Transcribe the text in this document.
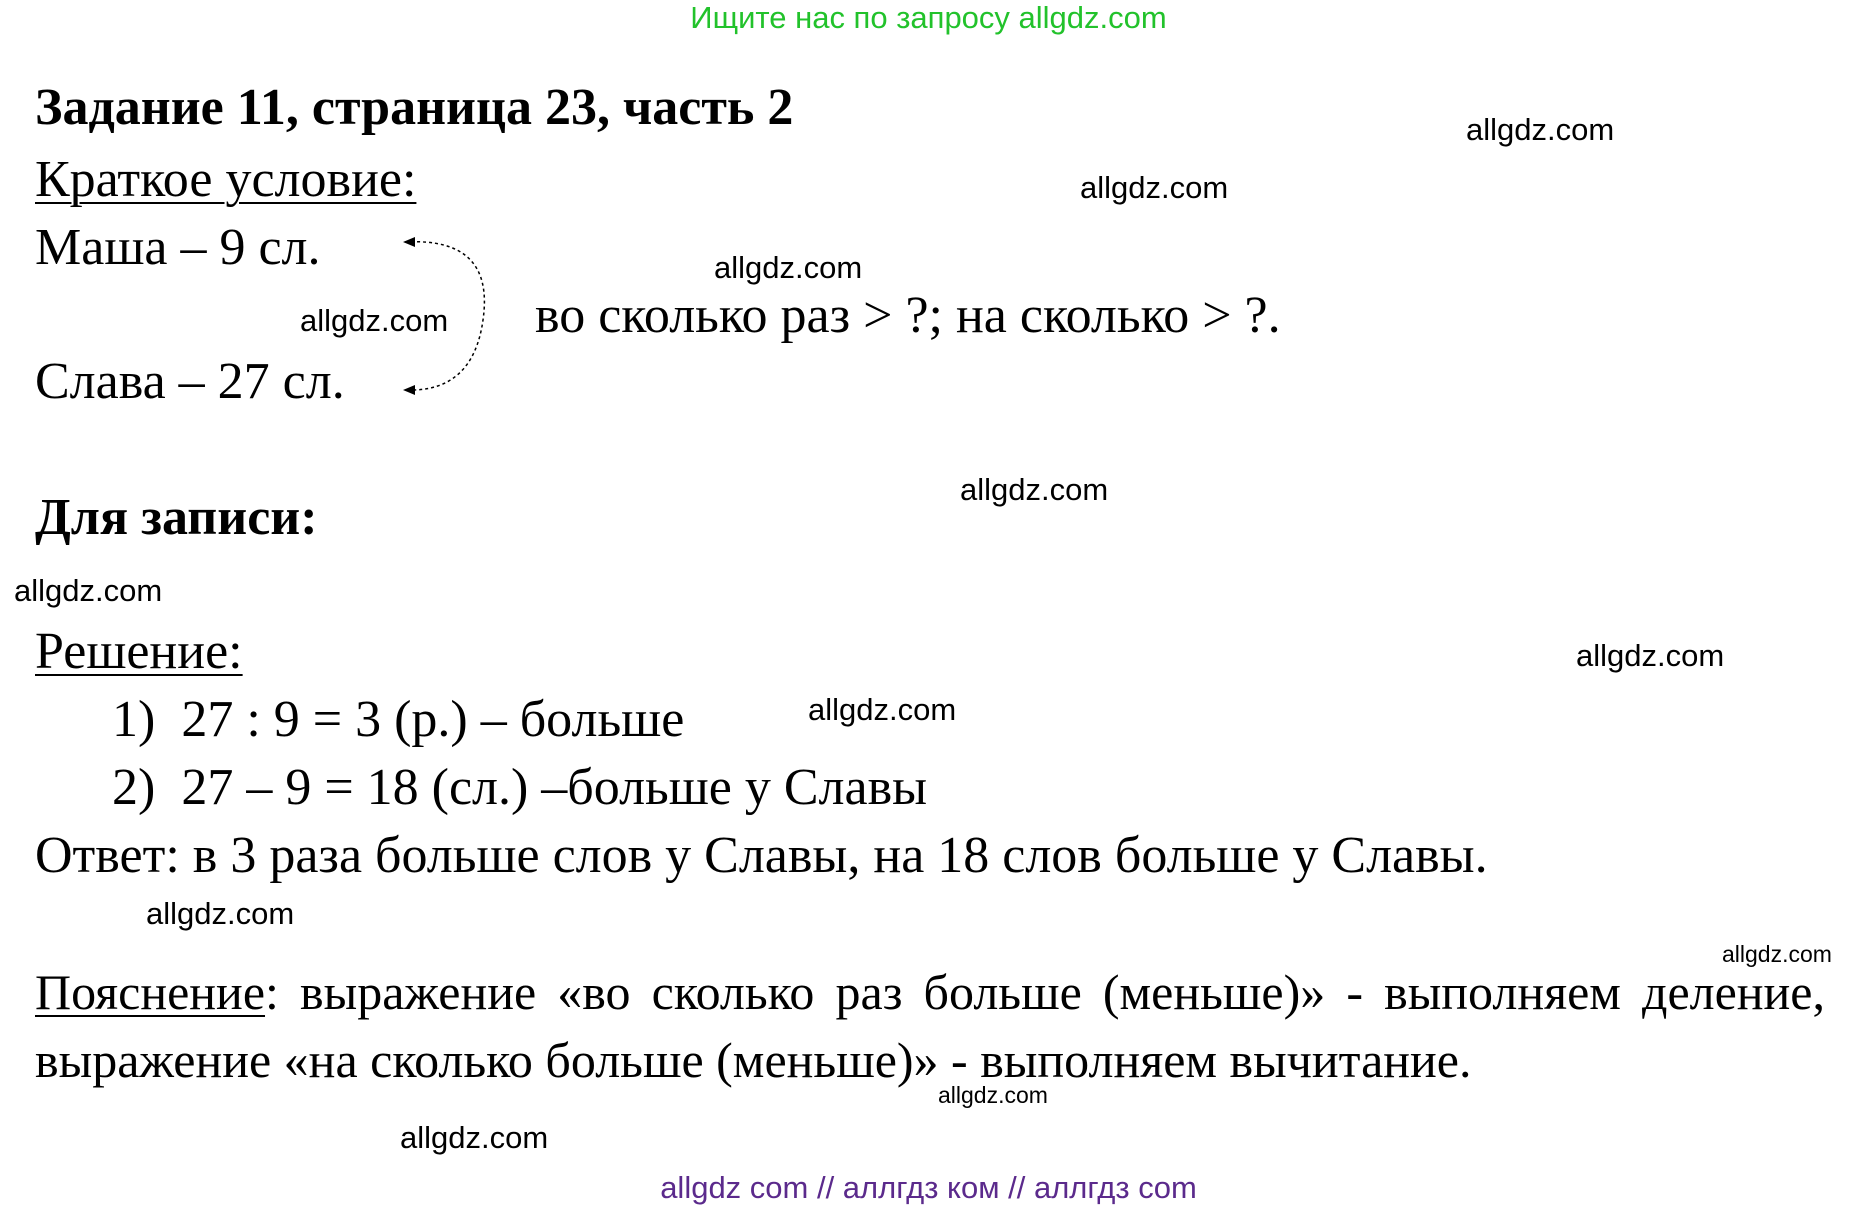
Ищите нас по запросу allgdz.com
Задание 11, страница 23, часть 2
Краткое условие:
Маша – 9 сл.
Слава – 27 сл.
во сколько раз > ?; на сколько > ?.
Для записи:
Решение:
1)  27 : 9 = 3 (р.) – больше
2)  27 – 9 = 18 (сл.) –больше у Славы
Ответ: в 3 раза больше слов у Славы, на 18 слов больше у Славы.
Пояснение: выражение «во сколько раз больше (меньше)» - выполняем деление, выражение «на сколько больше (меньше)» - выполняем вычитание.
allgdz.com
allgdz.com
allgdz.com
allgdz.com
allgdz.com
allgdz.com
allgdz.com
allgdz.com
allgdz.com
allgdz.com
allgdz.com
allgdz.com
allgdz com // аллгдз ком // аллгдз com
